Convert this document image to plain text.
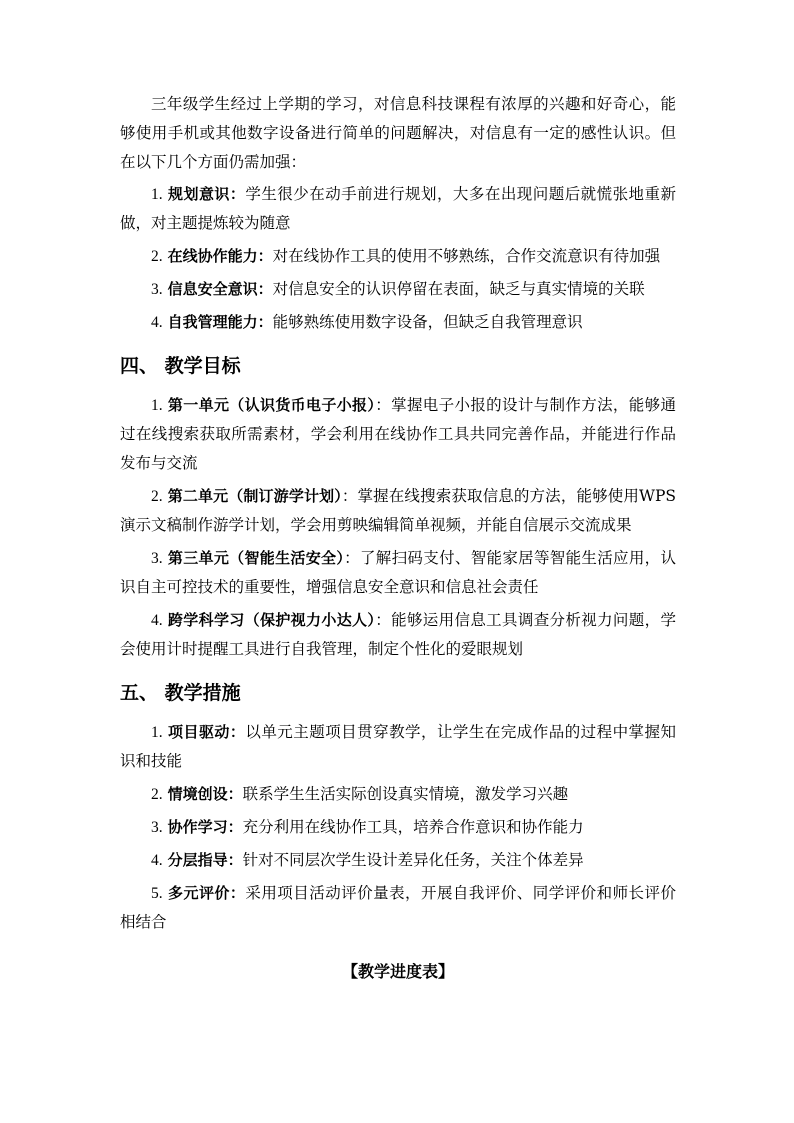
三年级学生经过上学期的学习，对信息科技课程有浓厚的兴趣和好奇心，能够使用手机或其他数字设备进行简单的问题解决，对信息有一定的感性认识。但在以下几个方面仍需加强：

1. 规划意识：学生很少在动手前进行规划，大多在出现问题后就慌张地重新做，对主题提炼较为随意

2. 在线协作能力：对在线协作工具的使用不够熟练，合作交流意识有待加强

3. 信息安全意识：对信息安全的认识停留在表面，缺乏与真实情境的关联

4. 自我管理能力：能够熟练使用数字设备，但缺乏自我管理意识

四、 教学目标

1. 第一单元（认识货币电子小报）：掌握电子小报的设计与制作方法，能够通过在线搜索获取所需素材，学会利用在线协作工具共同完善作品，并能进行作品发布与交流

2. 第二单元（制订游学计划）：掌握在线搜索获取信息的方法，能够使用WPS演示文稿制作游学计划，学会用剪映编辑简单视频，并能自信展示交流成果

3. 第三单元（智能生活安全）：了解扫码支付、智能家居等智能生活应用，认识自主可控技术的重要性，增强信息安全意识和信息社会责任

4. 跨学科学习（保护视力小达人）：能够运用信息工具调查分析视力问题，学会使用计时提醒工具进行自我管理，制定个性化的爱眼规划

五、 教学措施

1. 项目驱动：以单元主题项目贯穿教学，让学生在完成作品的过程中掌握知识和技能

2. 情境创设：联系学生生活实际创设真实情境，激发学习兴趣

3. 协作学习：充分利用在线协作工具，培养合作意识和协作能力

4. 分层指导：针对不同层次学生设计差异化任务，关注个体差异

5. 多元评价：采用项目活动评价量表，开展自我评价、同学评价和师长评价相结合

【教学进度表】
